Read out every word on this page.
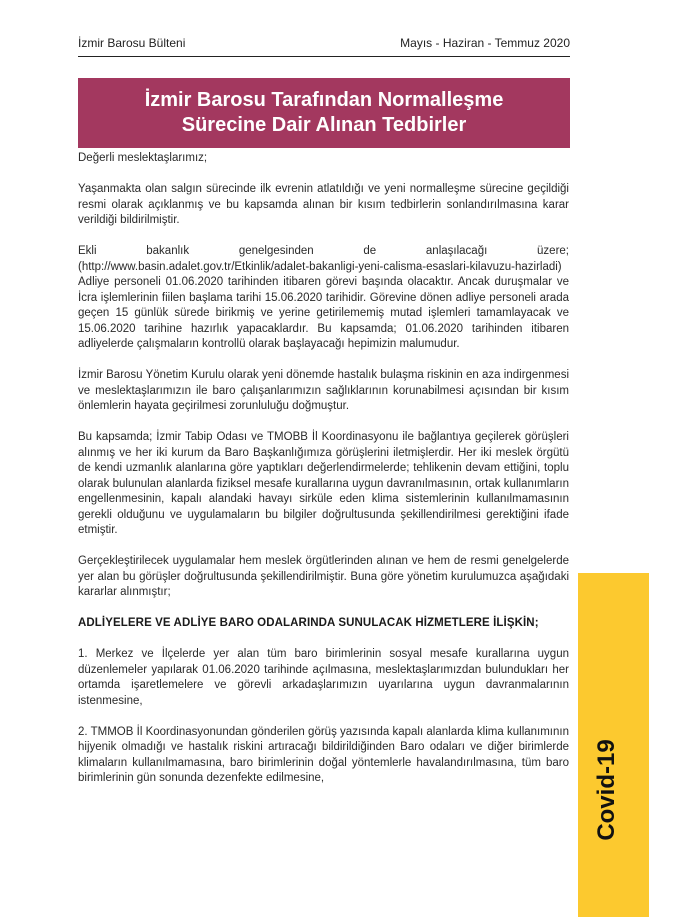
İzmir Barosu Bülteni	Mayıs - Haziran - Temmuz 2020
İzmir Barosu Tarafından Normalleşme
Sürecine Dair Alınan Tedbirler

Değerli meslektaşlarımız;

Yaşanmakta olan salgın sürecinde ilk evrenin atlatıldığı ve yeni normalleşme sürecine geçildiği resmi olarak açıklanmış ve bu kapsamda alınan bir kısım tedbirlerin sonlandırılmasına karar verildiği bildirilmiştir.

Ekli bakanlık genelgesinden de anlaşılacağı üzere; (http://www.basin.adalet.gov.tr/Etkinlik/adalet-bakanligi-yeni-calisma-esaslari-kilavuzu-hazirladi) Adliye personeli 01.06.2020 tarihinden itibaren görevi başında olacaktır. Ancak duruşmalar ve İcra işlemlerinin fiilen başlama tarihi 15.06.2020 tarihidir. Görevine dönen adliye personeli arada geçen 15 günlük sürede birikmiş ve yerine getirilememiş mutad işlemleri tamamlayacak ve 15.06.2020 tarihine hazırlık yapacaklardır. Bu kapsamda; 01.06.2020 tarihinden itibaren adliyelerde çalışmaların kontrollü olarak başlayacağı hepimizin malumudur.

İzmir Barosu Yönetim Kurulu olarak yeni dönemde hastalık bulaşma riskinin en aza indirgenmesi ve meslektaşlarımızın ile baro çalışanlarımızın sağlıklarının korunabilmesi açısından bir kısım önlemlerin hayata geçirilmesi zorunluluğu doğmuştur.

Bu kapsamda; İzmir Tabip Odası ve TMOBB İl Koordinasyonu ile bağlantıya geçilerek görüşleri alınmış ve her iki kurum da Baro Başkanlığımıza görüşlerini iletmişlerdir. Her iki meslek örgütü de kendi uzmanlık alanlarına göre yaptıkları değerlendirmelerde; tehlikenin devam ettiğini, toplu olarak bulunulan alanlarda fiziksel mesafe kurallarına uygun davranılmasının, ortak kullanımların engellenmesinin, kapalı alandaki havayı sirküle eden klima sistemlerinin kullanılmamasının gerekli olduğunu ve uygulamaların bu bilgiler doğrultusunda şekillendirilmesi gerektiğini ifade etmiştir.

Gerçekleştirilecek uygulamalar hem meslek örgütlerinden alınan ve hem de resmi genelgelerde yer alan bu görüşler doğrultusunda şekillendirilmiştir. Buna göre yönetim kurulumuzca aşağıdaki kararlar alınmıştır;

ADLİYELERE VE ADLİYE BARO ODALARINDA SUNULACAK HİZMETLERE İLİŞKİN;

1. Merkez ve İlçelerde yer alan tüm baro birimlerinin sosyal mesafe kurallarına uygun düzenlemeler yapılarak 01.06.2020 tarihinde açılmasına, meslektaşlarımızdan bulundukları her ortamda işaretlemelere ve görevli arkadaşlarımızın uyarılarına uygun davranmalarının istenmesine,

2. TMMOB İl Koordinasyonundan gönderilen görüş yazısında kapalı alanlarda klima kullanımının hijyenik olmadığı ve hastalık riskini artıracağı bildirildiğinden Baro odaları ve diğer birimlerde klimaların kullanılmamasına, baro birimlerinin doğal yöntemlerle havalandırılmasına, tüm baro birimlerinin gün sonunda dezenfekte edilmesine,	Covid-19
